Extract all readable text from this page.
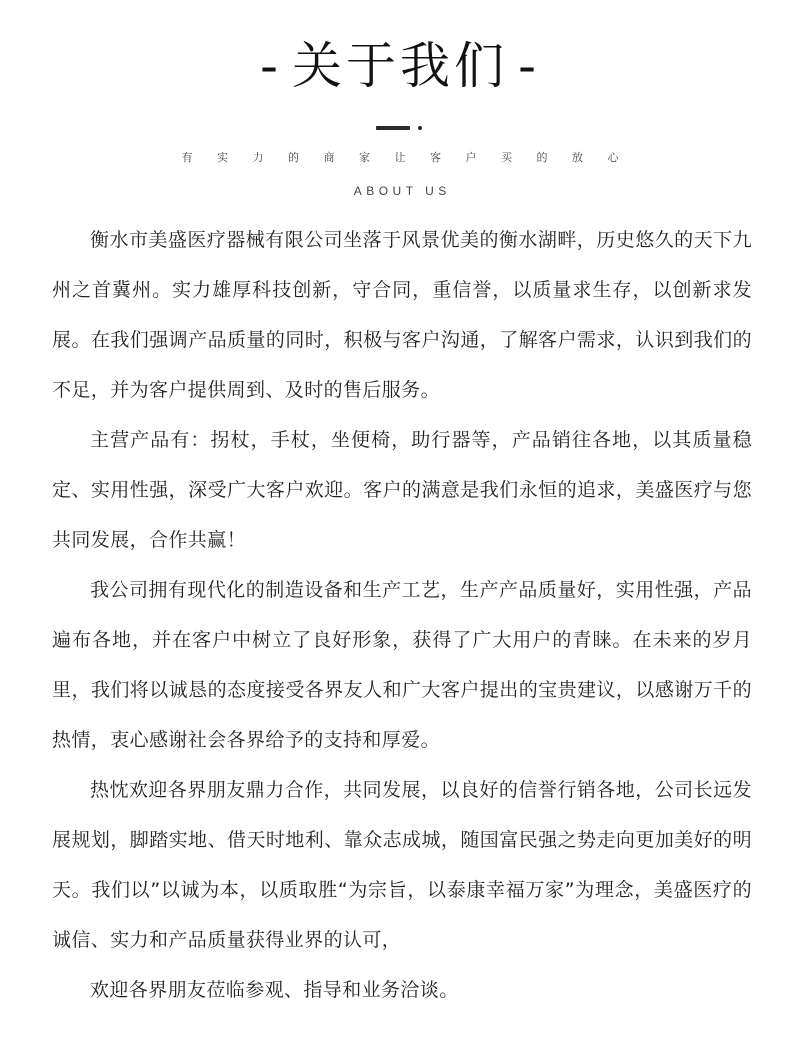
- 关于我们 -
有实力的商家让客户买的放心
ABOUT US

衡水市美盛医疗器械有限公司坐落于风景优美的衡水湖畔，历史悠久的天下九州之首冀州。实力雄厚科技创新，守合同，重信誉，以质量求生存，以创新求发展。在我们强调产品质量的同时，积极与客户沟通，了解客户需求，认识到我们的不足，并为客户提供周到、及时的售后服务。

主营产品有：拐杖，手杖，坐便椅，助行器等，产品销往各地，以其质量稳定、实用性强，深受广大客户欢迎。客户的满意是我们永恒的追求，美盛医疗与您共同发展，合作共赢！

我公司拥有现代化的制造设备和生产工艺，生产产品质量好，实用性强，产品遍布各地，并在客户中树立了良好形象，获得了广大用户的青睐。在未来的岁月里，我们将以诚恳的态度接受各界友人和广大客户提出的宝贵建议，以感谢万千的热情，衷心感谢社会各界给予的支持和厚爱。

热忱欢迎各界朋友鼎力合作，共同发展，以良好的信誉行销各地，公司长远发展规划，脚踏实地、借天时地利、靠众志成城，随国富民强之势走向更加美好的明天。我们以”以诚为本，以质取胜“为宗旨，以泰康幸福万家”为理念，美盛医疗的诚信、实力和产品质量获得业界的认可，

欢迎各界朋友莅临参观、指导和业务洽谈。
